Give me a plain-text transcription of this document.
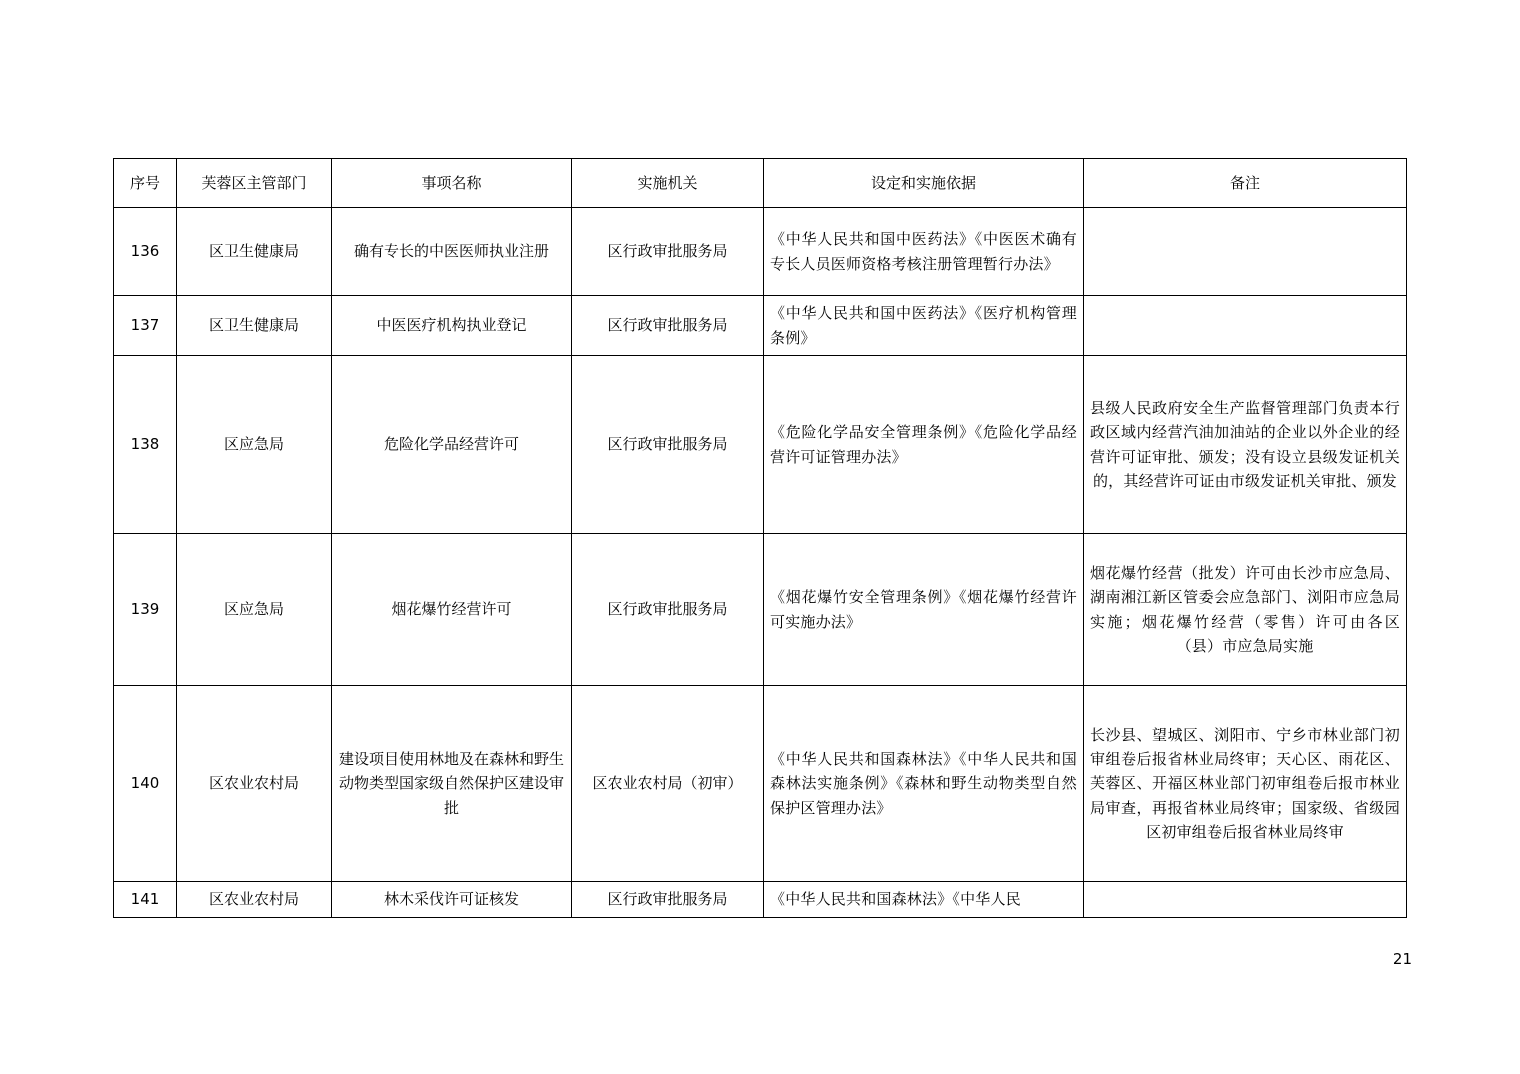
序号	芙蓉区主管部门	事项名称	实施机关	设定和实施依据	备注
136	区卫生健康局	确有专长的中医医师执业注册	区行政审批服务局	《中华人民共和国中医药法》《中医医术确有专长人员医师资格考核注册管理暂行办法》	
137	区卫生健康局	中医医疗机构执业登记	区行政审批服务局	《中华人民共和国中医药法》《医疗机构管理条例》	
138	区应急局	危险化学品经营许可	区行政审批服务局	《危险化学品安全管理条例》《危险化学品经营许可证管理办法》	县级人民政府安全生产监督管理部门负责本行政区域内经营汽油加油站的企业以外企业的经营许可证审批、颁发；没有设立县级发证机关的，其经营许可证由市级发证机关审批、颁发
139	区应急局	烟花爆竹经营许可	区行政审批服务局	《烟花爆竹安全管理条例》《烟花爆竹经营许可实施办法》	烟花爆竹经营（批发）许可由长沙市应急局、湖南湘江新区管委会应急部门、浏阳市应急局实施；烟花爆竹经营（零售）许可由各区（县）市应急局实施
140	区农业农村局	建设项目使用林地及在森林和野生动物类型国家级自然保护区建设审批	区农业农村局（初审）	《中华人民共和国森林法》《中华人民共和国森林法实施条例》《森林和野生动物类型自然保护区管理办法》	长沙县、望城区、浏阳市、宁乡市林业部门初审组卷后报省林业局终审；天心区、雨花区、芙蓉区、开福区林业部门初审组卷后报市林业局审查，再报省林业局终审；国家级、省级园区初审组卷后报省林业局终审
141	区农业农村局	林木采伐许可证核发	区行政审批服务局	《中华人民共和国森林法》《中华人民	
21
